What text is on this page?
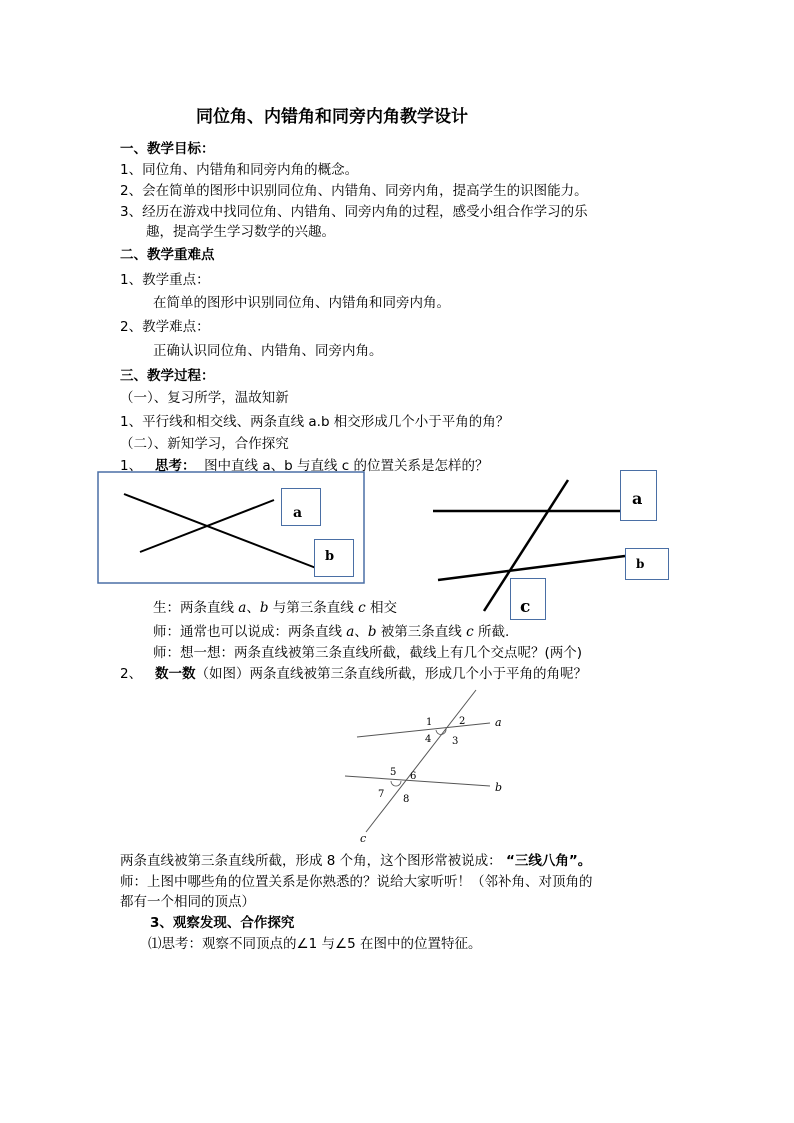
同位角、内错角和同旁内角教学设计
一、教学目标：
1、同位角、内错角和同旁内角的概念。
2、会在简单的图形中识别同位角、内错角、同旁内角，提高学生的识图能力。
3、经历在游戏中找同位角、内错角、同旁内角的过程，感受小组合作学习的乐
趣，提高学生学习数学的兴趣。
二、教学重难点
1、教学重点：
在简单的图形中识别同位角、内错角和同旁内角。
2、教学难点：
正确认识同位角、内错角、同旁内角。
三、教学过程：
（一）、复习所学，温故知新
1、平行线和相交线、两条直线 a.b 相交形成几个小于平角的角？
（二）、新知学习，合作探究
1、 思考： 图中直线 a、b 与直线 c 的位置关系是怎样的？
a
b
a
b
c
生：两条直线 a、b 与第三条直线 c 相交
师：通常也可以说成：两条直线 a、b 被第三条直线 c 所截.
师：想一想：两条直线被第三条直线所截，截线上有几个交点呢？(两个)
2、 数一数（如图）两条直线被第三条直线所截，形成几个小于平角的角呢？
a
b
c
1	2
3
4
5 6
7 8
两条直线被第三条直线所截，形成 8 个角，这个图形常被说成： “三线八角”。
师：上图中哪些角的位置关系是你熟悉的？说给大家听听！（邻补角、对顶角的
都有一个相同的顶点）
3、观察发现、合作探究
⑴思考：观察不同顶点的∠1 与∠5 在图中的位置特征。
